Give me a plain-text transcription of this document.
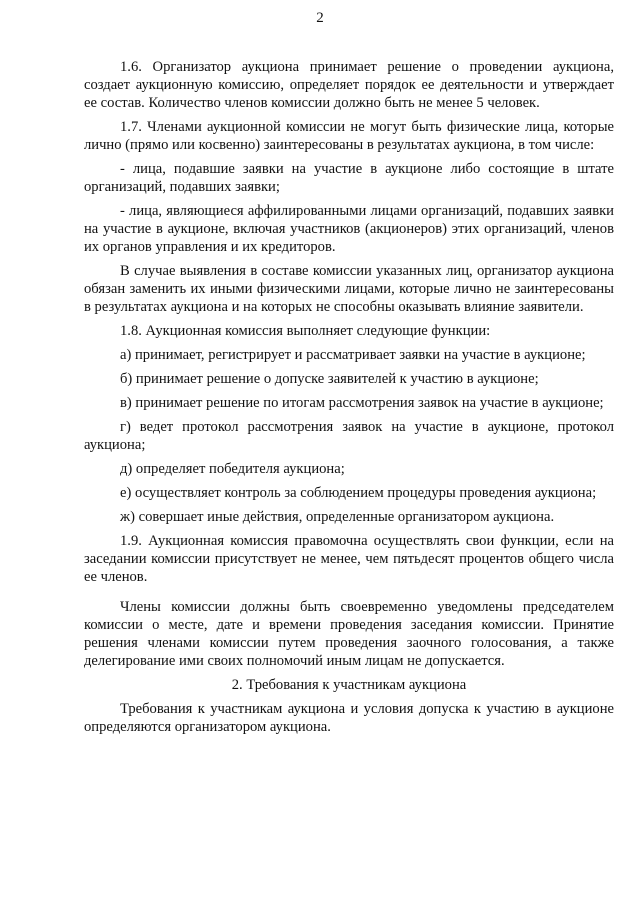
2

1.6. Организатор аукциона принимает решение о проведении аукциона, создает аукционную комиссию, определяет порядок ее деятельности и утверждает ее состав. Количество членов комиссии должно быть не менее 5 человек.

1.7. Членами аукционной комиссии не могут быть физические лица, которые лично (прямо или косвенно) заинтересованы в результатах аукциона, в том числе:

- лица, подавшие заявки на участие в аукционе либо состоящие в штате организаций, подавших заявки;

- лица, являющиеся аффилированными лицами организаций, подавших заявки на участие в аукционе, включая участников (акционеров) этих организаций, членов их органов управления и их кредиторов.

В случае выявления в составе комиссии указанных лиц, организатор аукциона обязан заменить их иными физическими лицами, которые лично не заинтересованы в результатах аукциона и на которых не способны оказывать влияние заявители.

1.8. Аукционная комиссия выполняет следующие функции:

а) принимает, регистрирует и рассматривает заявки на участие в аукционе;

б) принимает решение о допуске заявителей к участию в аукционе;

в) принимает решение по итогам рассмотрения заявок на участие в аукционе;

г) ведет протокол рассмотрения заявок на участие в аукционе, протокол аукциона;

д) определяет победителя аукциона;

е) осуществляет контроль за соблюдением процедуры проведения аукциона;

ж) совершает иные действия, определенные организатором аукциона.

1.9. Аукционная комиссия правомочна осуществлять свои функции, если на заседании комиссии присутствует не менее, чем пятьдесят процентов общего числа ее членов.

Члены комиссии должны быть своевременно уведомлены председателем комиссии о месте, дате и времени проведения заседания комиссии. Принятие решения членами комиссии путем проведения заочного голосования, а также делегирование ими своих полномочий иным лицам не допускается.

2. Требования к участникам аукциона

Требования к участникам аукциона и условия допуска к участию в аукционе определяются организатором аукциона.
